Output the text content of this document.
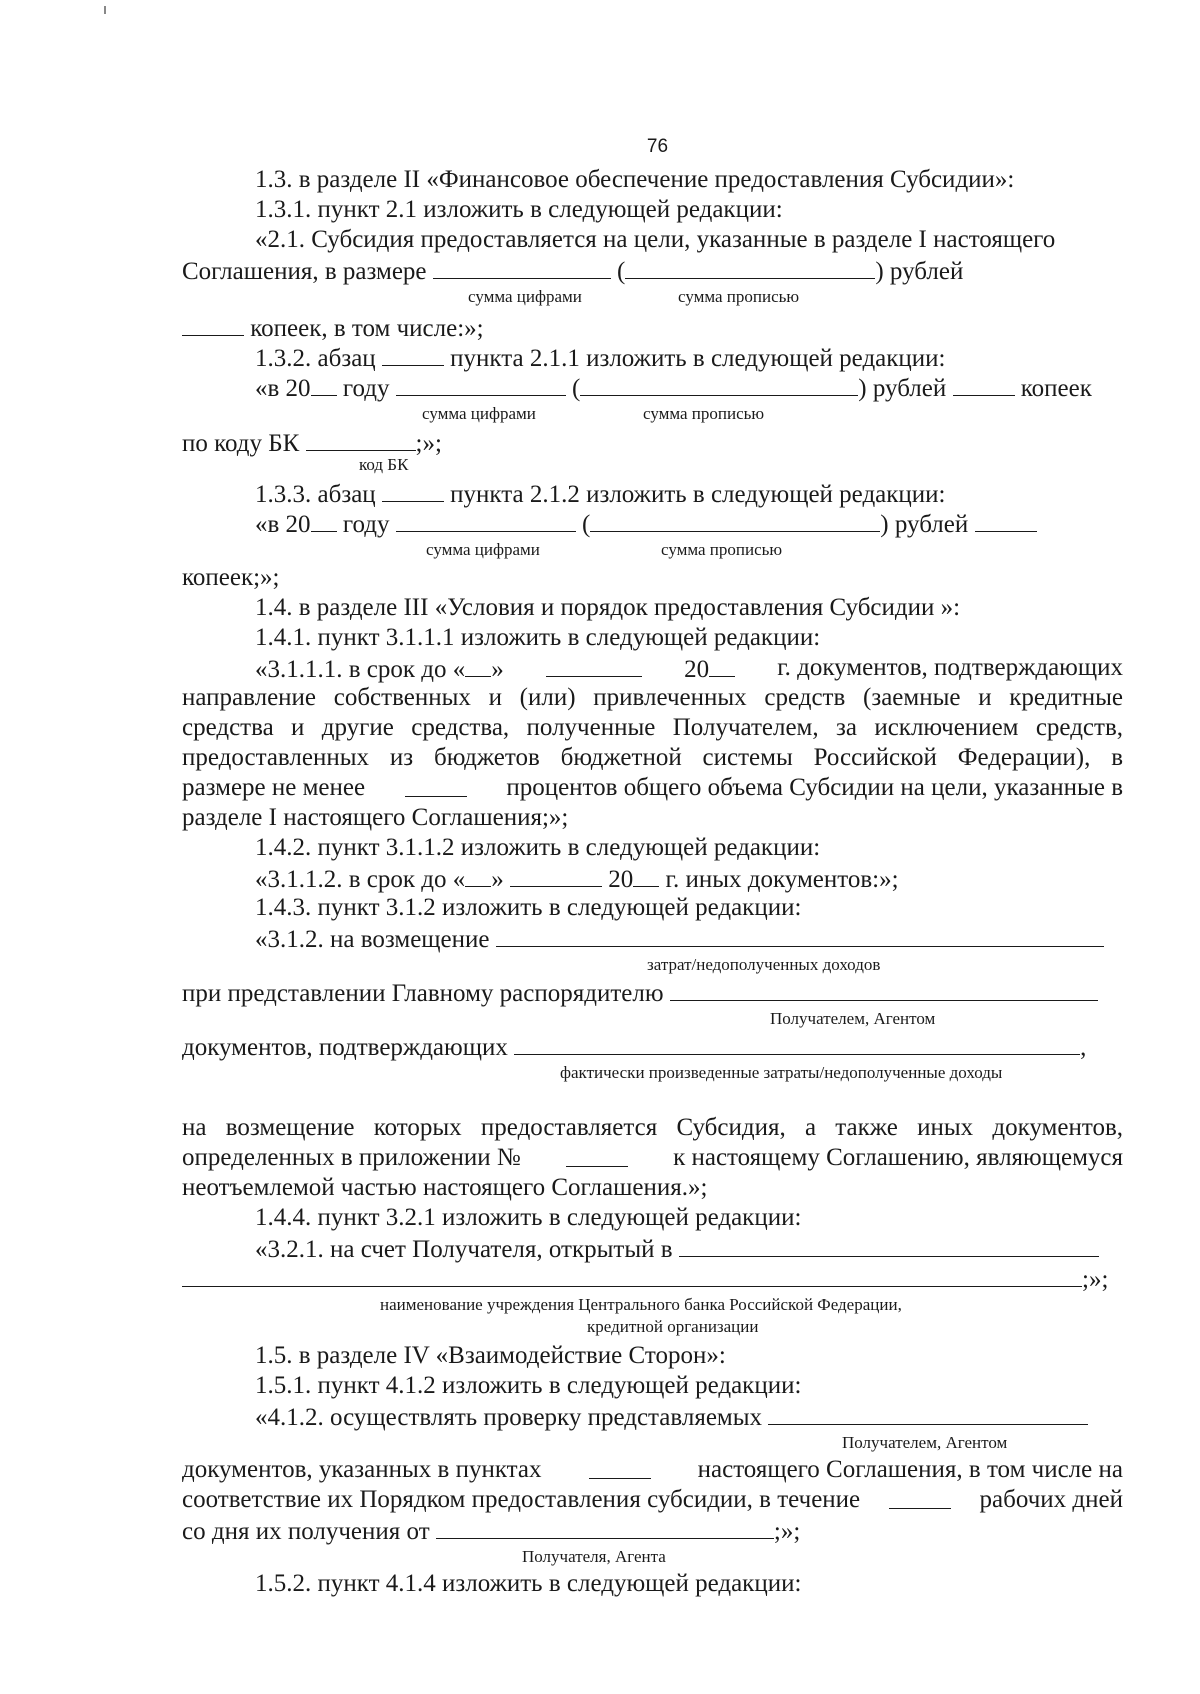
76
1.3. в разделе II «Финансовое обеспечение предоставления Субсидии»:
1.3.1. пункт 2.1 изложить в следующей редакции:
«2.1. Субсидия предоставляется на цели, указанные в разделе I настоящего
Соглашения, в размере	(	) рублей
сумма цифрами	сумма прописью
копеек, в том числе:»;
1.3.2. абзац	пункта 2.1.1 изложить в следующей редакции:
«в 20 году	(	) рублей	копеек
сумма цифрами	сумма прописью
по коду БК	;»;
код БК
1.3.3. абзац	пункта 2.1.2 изложить в следующей редакции:
«в 20 году	(	) рублей
сумма цифрами	сумма прописью
копеек;»;
1.4. в разделе III «Условия и порядок предоставления Субсидии »:
1.4.1. пункт 3.1.1.1 изложить в следующей редакции:
«3.1.1.1. в срок до « »	20	г. документов, подтверждающих
направление собственных и (или) привлеченных средств (заемные и кредитные
средства и другие средства, полученные Получателем, за исключением средств,
предоставленных из бюджетов бюджетной системы Российской Федерации), в
размере не менее	процентов общего объема Субсидии на цели, указанные в
разделе I настоящего Соглашения;»;
1.4.2. пункт 3.1.1.2 изложить в следующей редакции:
«3.1.1.2. в срок до « »	20 г. иных документов:»;
1.4.3. пункт 3.1.2 изложить в следующей редакции:
«3.1.2. на возмещение
затрат/недополученных доходов
при представлении Главному распорядителю
Получателем, Агентом
документов, подтверждающих	,
фактически произведенные затраты/недополученные доходы
на возмещение которых предоставляется Субсидия, а также иных документов,
определенных в приложении №	к настоящему Соглашению, являющемуся
неотъемлемой частью настоящего Соглашения.»;
1.4.4. пункт 3.2.1 изложить в следующей редакции:
«3.2.1. на счет Получателя, открытый в
;»;
наименование учреждения Центрального банка Российской Федерации,
кредитной организации
1.5. в разделе IV «Взаимодействие Сторон»:
1.5.1. пункт 4.1.2 изложить в следующей редакции:
«4.1.2. осуществлять проверку представляемых
Получателем, Агентом
документов, указанных в пунктах	настоящего Соглашения, в том числе на
соответствие их Порядком предоставления субсидии, в течение	рабочих дней
со дня их получения от	;»;
Получателя, Агента
1.5.2. пункт 4.1.4 изложить в следующей редакции:
